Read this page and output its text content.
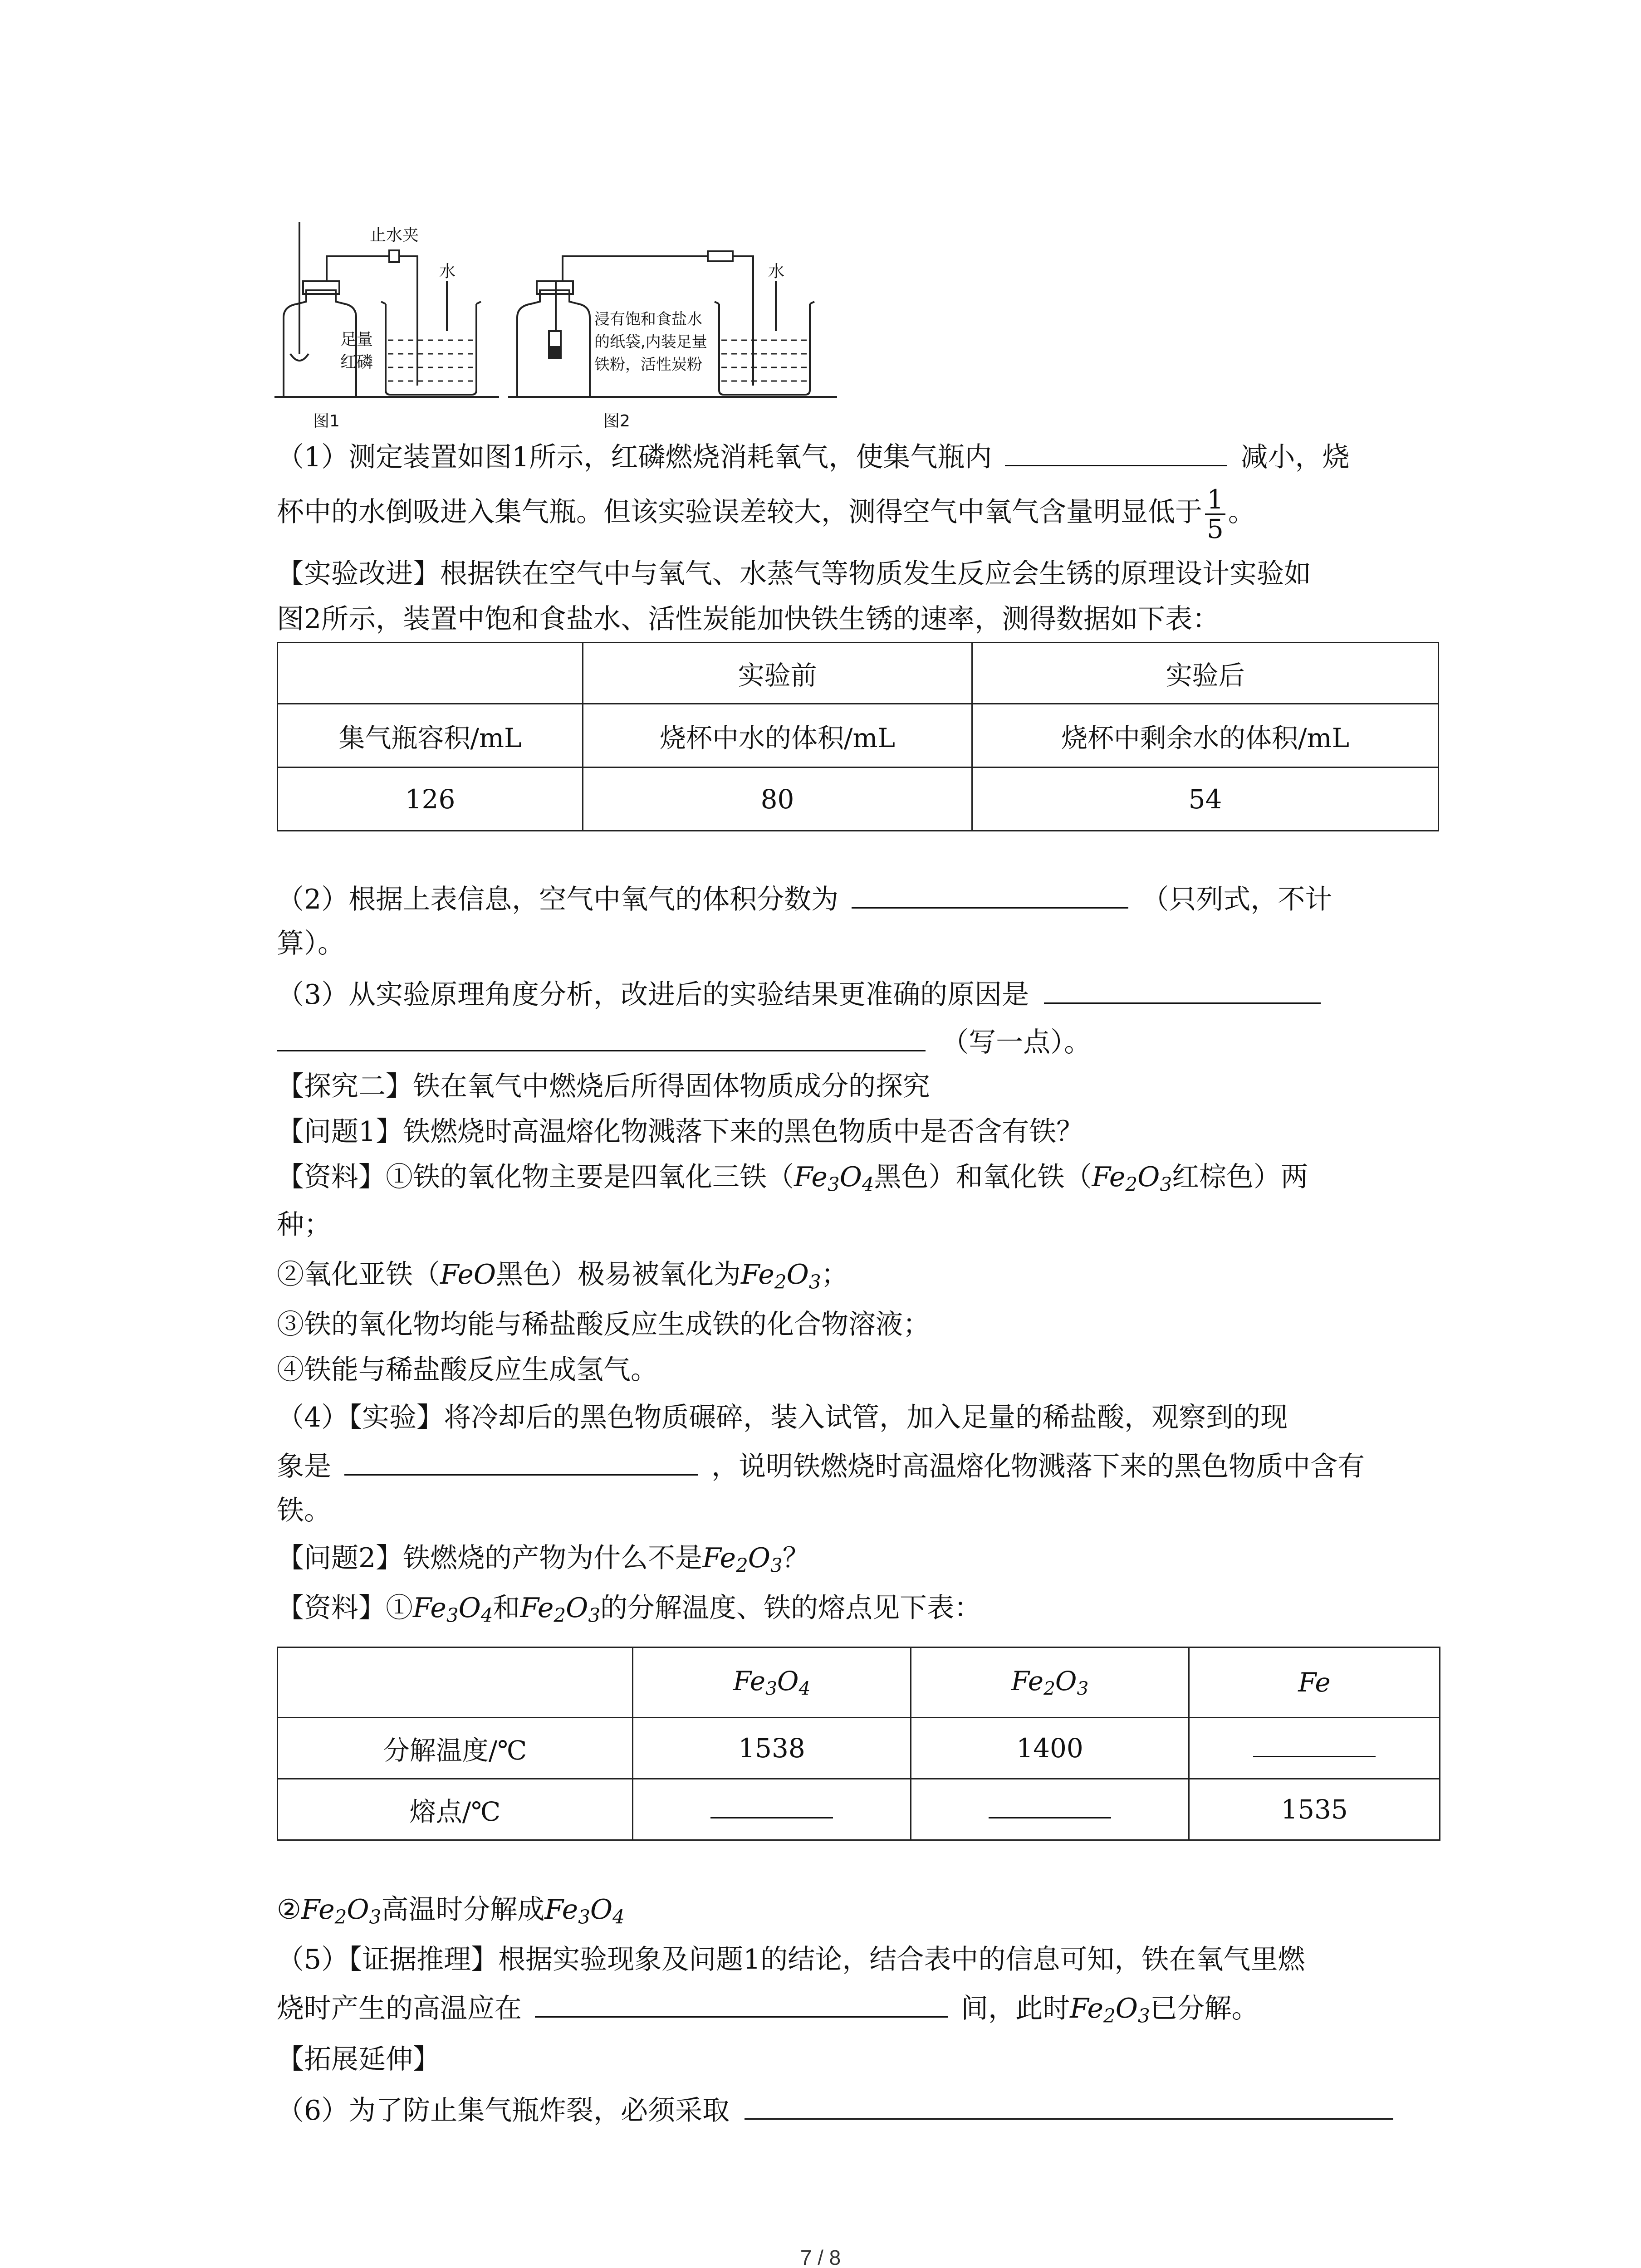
止水夹
水
足量
红磷
图1
水
浸有饱和食盐水
的纸袋,内装足量
铁粉，活性炭粉
图2
（1）测定装置如图1所示，红磷燃烧消耗氧气，使集气瓶内	减小，烧
杯中的水倒吸进入集气瓶。但该实验误差较大，测得空气中氧气含量明显低于 $\frac{1}{5}$ 。
【实验改进】根据铁在空气中与氧气、水蒸气等物质发生反应会生锈的原理设计实验如
图2所示，装置中饱和食盐水、活性炭能加快铁生锈的速率，测得数据如下表：
	实验前	实验后
集气瓶容积/mL	烧杯中水的体积/mL	烧杯中剩余水的体积/mL
126	80	54
（2）根据上表信息，空气中氧气的体积分数为	（只列式，不计
算）。
（3）从实验原理角度分析，改进后的实验结果更准确的原因是
（写一点）。
【探究二】铁在氧气中燃烧后所得固体物质成分的探究
【问题1】铁燃烧时高温熔化物溅落下来的黑色物质中是否含有铁？
【资料】①铁的氧化物主要是四氧化三铁（$Fe_3O_4$黑色）和氧化铁（$Fe_2O_3$红棕色）两
种；
②氧化亚铁（FeO黑色）极易被氧化为$Fe_2O_3$；
③铁的氧化物均能与稀盐酸反应生成铁的化合物溶液；
④铁能与稀盐酸反应生成氢气。
（4）【实验】将冷却后的黑色物质碾碎，装入试管，加入足量的稀盐酸，观察到的现
象是	，说明铁燃烧时高温熔化物溅落下来的黑色物质中含有
铁。
【问题2】铁燃烧的产物为什么不是$Fe_2O_3$？
【资料】$①Fe_3O_4$和$Fe_2O_3$的分解温度、铁的熔点见下表：
	$Fe_3O_4$	$Fe_2O_3$	Fe
分解温度/℃	1538	1400	
熔点/℃			1535
$②Fe_2O_3$高温时分解成$Fe_3O_4$
（5）【证据推理】根据实验现象及问题1的结论，结合表中的信息可知，铁在氧气里燃
烧时产生的高温应在	间，此时$Fe_2O_3$已分解。
【拓展延伸】
（6）为了防止集气瓶炸裂，必须采取
7 / 8
